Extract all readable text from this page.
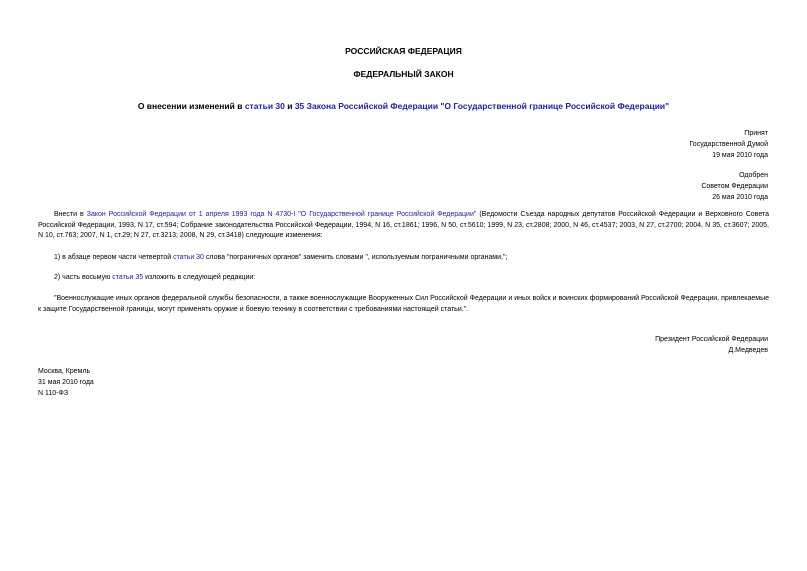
РОССИЙСКАЯ ФЕДЕРАЦИЯ
ФЕДЕРАЛЬНЫЙ ЗАКОН
О внесении изменений в статьи 30 и 35 Закона Российской Федерации "О Государственной границе Российской Федерации"
Принят
Государственной Думой
19 мая 2010 года
Одобрен
Советом Федерации
26 мая 2010 года
Внести в Закон Российской Федерации от 1 апреля 1993 года N 4730-I "О Государственной границе Российской Федерации" (Ведомости Съезда народных депутатов Российской Федерации и Верховного Совета Российской Федерации, 1993, N 17, ст.594; Собрание законодательства Российской Федерации, 1994, N 16, ст.1861; 1996, N 50, ст.5610; 1999, N 23, ст.2808; 2000, N 46, ст.4537; 2003, N 27, ст.2700; 2004, N 35, ст.3607; 2005, N 10, ст.763; 2007, N 1, ст.29; N 27, ст.3213; 2008, N 29, ст.3418) следующие изменения:
1) в абзаце первом части четвертой статьи 30 слова "пограничных органов" заменить словами ", используемым пограничными органами,";
2) часть восьмую статьи 35 изложить в следующей редакции:
"Военнослужащие иных органов федеральной службы безопасности, а также военнослужащие Вооруженных Сил Российской Федерации и иных войск и воинских формирований Российской Федерации, привлекаемые к защите Государственной границы, могут применять оружие и боевую технику в соответствии с требованиями настоящей статьи.".
Президент Российской Федерации
Д.Медведев
Москва, Кремль
31 мая 2010 года
N 110-ФЗ
